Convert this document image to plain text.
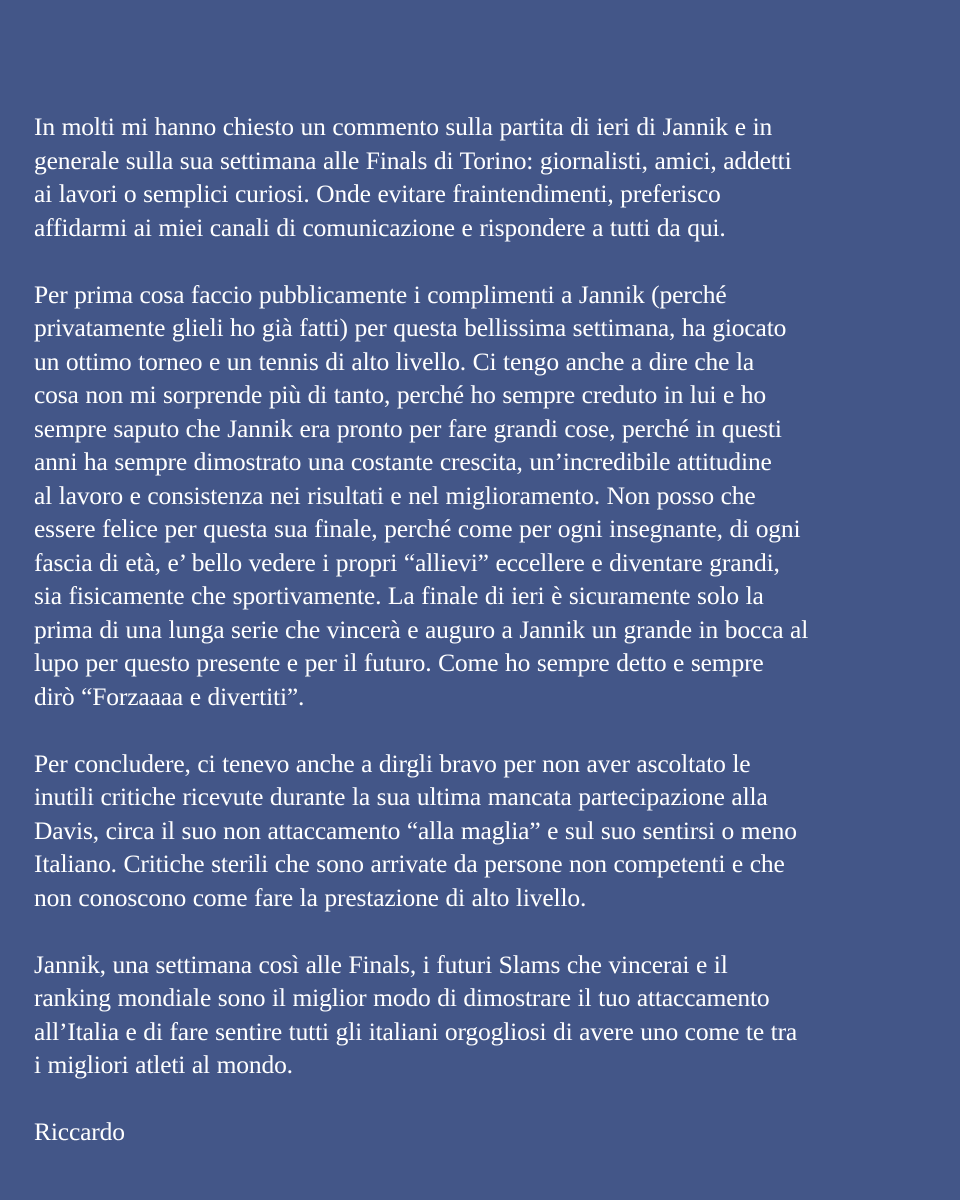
In molti mi hanno chiesto un commento sulla partita di ieri di Jannik e in
generale sulla sua settimana alle Finals di Torino: giornalisti, amici, addetti
ai lavori o semplici curiosi. Onde evitare fraintendimenti, preferisco
affidarmi ai miei canali di comunicazione e rispondere a tutti da qui.

Per prima cosa faccio pubblicamente i complimenti a Jannik (perché
privatamente glieli ho già fatti) per questa bellissima settimana, ha giocato
un ottimo torneo e un tennis di alto livello. Ci tengo anche a dire che la
cosa non mi sorprende più di tanto, perché ho sempre creduto in lui e ho
sempre saputo che Jannik era pronto per fare grandi cose, perché in questi
anni ha sempre dimostrato una costante crescita, un’incredibile attitudine
al lavoro e consistenza nei risultati e nel miglioramento. Non posso che
essere felice per questa sua finale, perché come per ogni insegnante, di ogni
fascia di età, e’ bello vedere i propri “allievi” eccellere e diventare grandi,
sia fisicamente che sportivamente. La finale di ieri è sicuramente solo la
prima di una lunga serie che vincerà e auguro a Jannik un grande in bocca al
lupo per questo presente e per il futuro. Come ho sempre detto e sempre
dirò “Forzaaaa e divertiti”.

Per concludere, ci tenevo anche a dirgli bravo per non aver ascoltato le
inutili critiche ricevute durante la sua ultima mancata partecipazione alla
Davis, circa il suo non attaccamento “alla maglia” e sul suo sentirsi o meno
Italiano. Critiche sterili che sono arrivate da persone non competenti e che
non conoscono come fare la prestazione di alto livello.

Jannik, una settimana così alle Finals, i futuri Slams che vincerai e il
ranking mondiale sono il miglior modo di dimostrare il tuo attaccamento
all’Italia e di fare sentire tutti gli italiani orgogliosi di avere uno come te tra
i migliori atleti al mondo.

Riccardo
